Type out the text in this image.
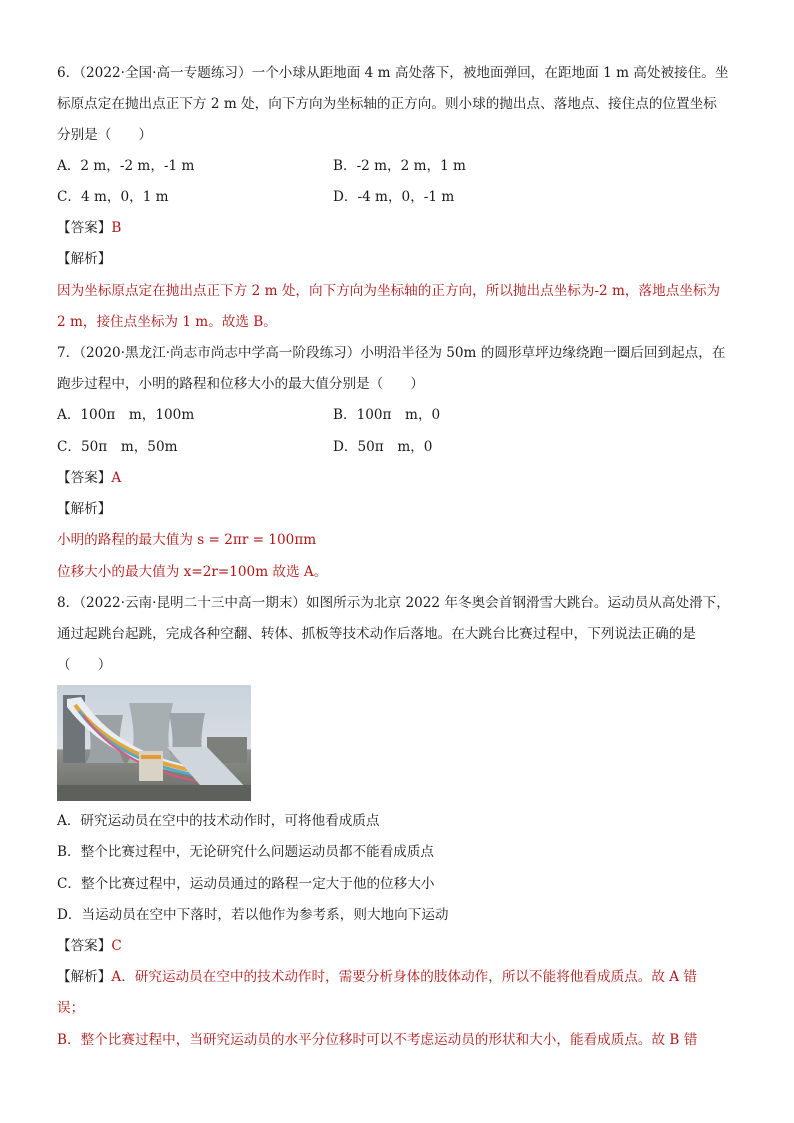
6．（2022·全国·高一专题练习）一个小球从距地面 4 m 高处落下，被地面弹回，在距地面 1 m 高处被接住。坐
标原点定在抛出点正下方 2 m 处，向下方向为坐标轴的正方向。则小球的抛出点、落地点、接住点的位置坐标
分别是（　　）
A．2 m，-2 m，-1 m	B．-2 m，2 m，1 m
C．4 m，0，1 m	D．-4 m，0，-1 m
【答案】B
【解析】
因为坐标原点定在抛出点正下方 2 m 处，向下方向为坐标轴的正方向，所以抛出点坐标为-2 m，落地点坐标为
2 m，接住点坐标为 1 m。故选 B。
7．（2020·黑龙江·尚志市尚志中学高一阶段练习）小明沿半径为 50m 的圆形草坪边缘绕跑一圈后回到起点，在
跑步过程中，小明的路程和位移大小的最大值分别是（　　）
A．100π　m，100m	B．100π　m，0
C．50π　m，50m	D．50π　m，0
【答案】A
【解析】
小明的路程的最大值为 s = 2πr = 100πm
位移大小的最大值为 x=2r=100m 故选 A。
8．（2022·云南·昆明二十三中高一期末）如图所示为北京 2022 年冬奥会首钢滑雪大跳台。运动员从高处滑下，
通过起跳台起跳，完成各种空翻、转体、抓板等技术动作后落地。在大跳台比赛过程中，下列说法正确的是
（　　）
A．研究运动员在空中的技术动作时，可将他看成质点
B．整个比赛过程中，无论研究什么问题运动员都不能看成质点
C．整个比赛过程中，运动员通过的路程一定大于他的位移大小
D．当运动员在空中下落时，若以他作为参考系，则大地向下运动
【答案】C
【解析】A．研究运动员在空中的技术动作时，需要分析身体的肢体动作，所以不能将他看成质点。故 A 错
误；
B．整个比赛过程中，当研究运动员的水平分位移时可以不考虑运动员的形状和大小，能看成质点。故 B 错
